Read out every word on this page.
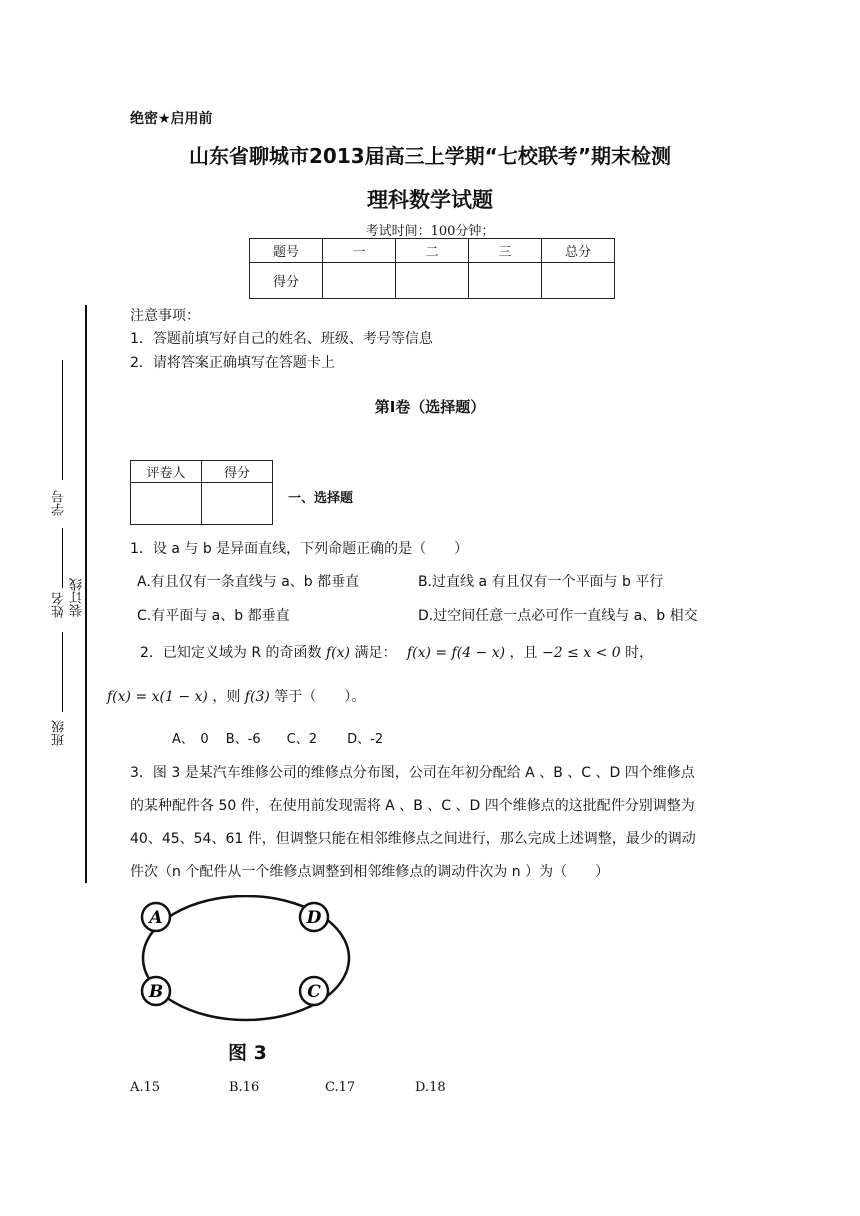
绝密★启用前
山东省聊城市2013届高三上学期“七校联考”期末检测
理科数学试题
考试时间：100分钟；
题号	一	二	三	总分
得分				
注意事项：
1．答题前填写好自己的姓名、班级、考号等信息
2．请将答案正确填写在答题卡上
第Ⅰ卷（选择题）
学号
姓名 装订线
班级
评卷人	得分

一、选择题
1．设 a 与 b 是异面直线，下列命题正确的是（　　）
A.有且仅有一条直线与 a、b 都垂直	B.过直线 a 有且仅有一个平面与 b 平行
C.有平面与 a、b 都垂直	D.过空间任意一点必可作一直线与 a、b 相交
2．已知定义域为 R 的奇函数 f(x) 满足： f(x) = f(4 − x) ，且 −2 ≤ x < 0 时，
f(x) = x(1 − x) ，则 f(3) 等于（　　）。
A、　0　 B、-6　　C、2　　 D、-2
3．图 3 是某汽车维修公司的维修点分布图，公司在年初分配给 A 、B 、C 、D 四个维修点
的某种配件各 50 件，在使用前发现需将 A 、B 、C 、D 四个维修点的这批配件分别调整为
40、45、54、61 件，但调整只能在相邻维修点之间进行，那么完成上述调整，最少的调动
件次（n 个配件从一个维修点调整到相邻维修点的调动件次为 n ）为（　　）
A	D
B	C
图 3
A.15	B.16	C.17	D.18
